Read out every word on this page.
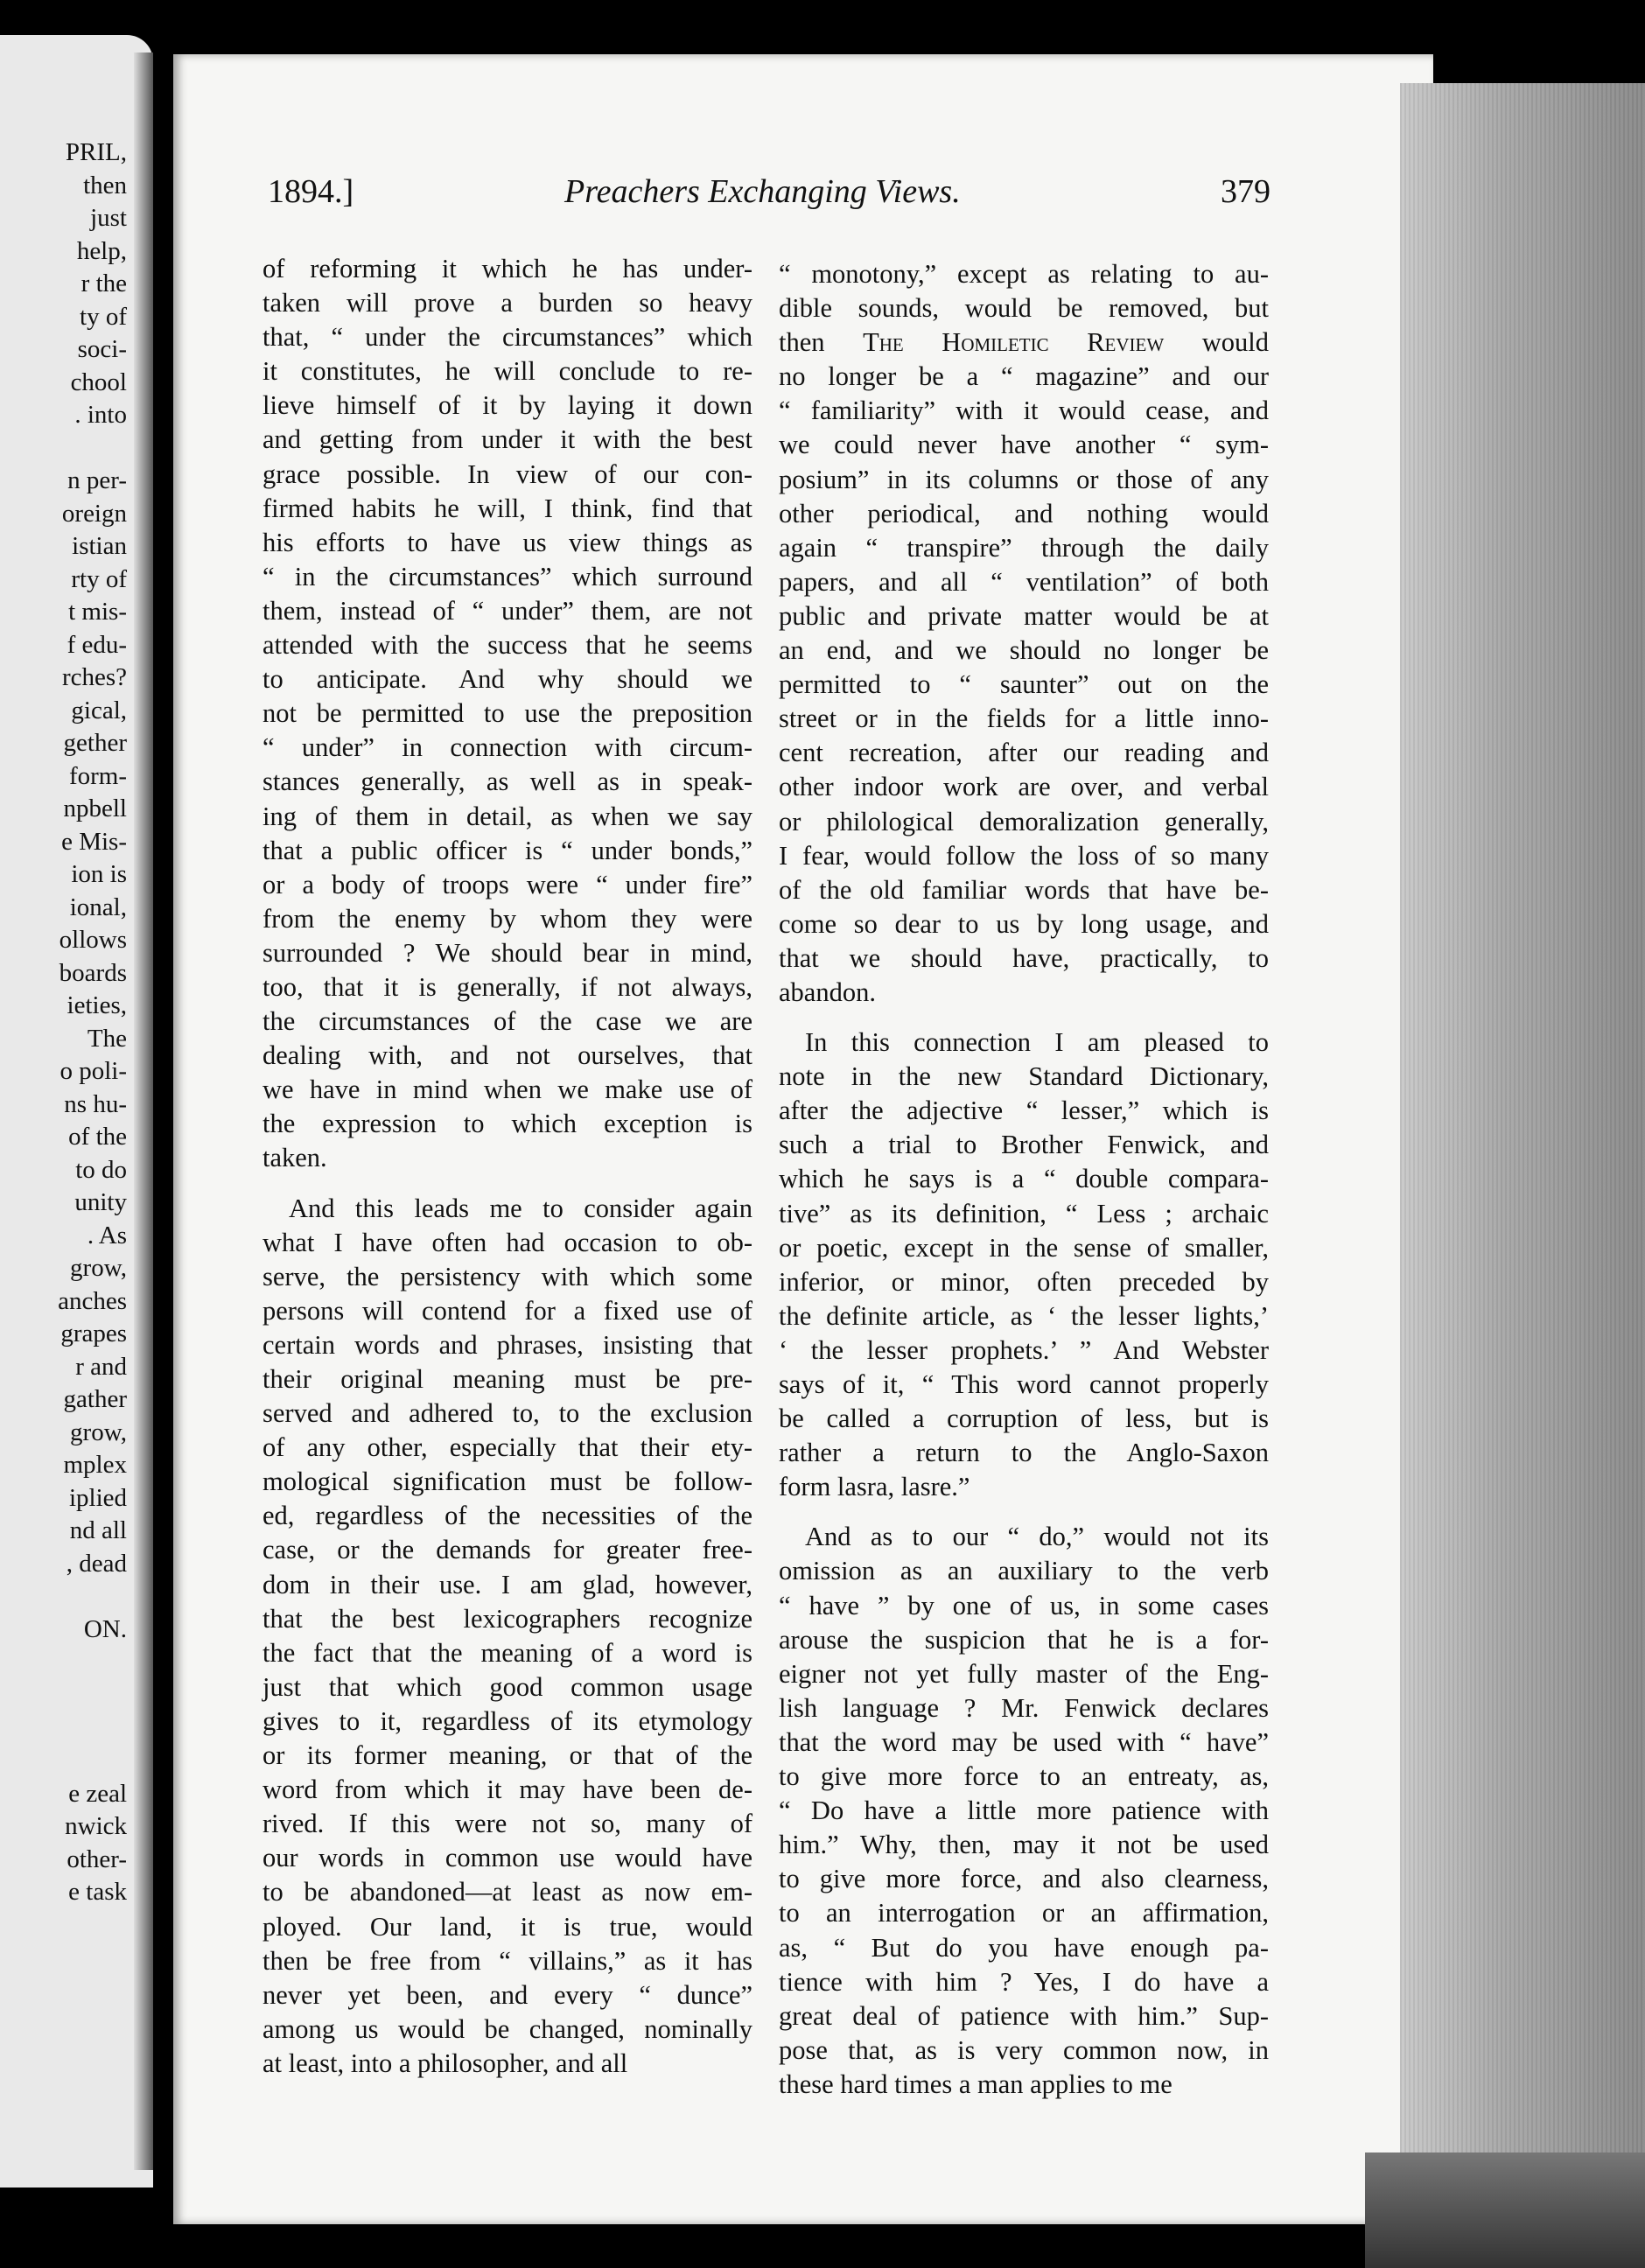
PRIL,
then
just
help,
r the
ty of
soci-
chool
. into
n per-
oreign
istian
rty of
t mis-
f edu-
rches?
gical,
gether
form-
npbell
e Mis-
ion is
ional,
ollows
boards
ieties,
The
o poli-
ns hu-
of the
to do
unity
. As
grow,
anches
grapes
r and
gather
grow,
mplex
iplied
nd all
, dead
ON.
e zeal
nwick
other-
e task
1894.]	Preachers Exchanging Views.	379
of reforming it which he has under-
taken will prove a burden so heavy
that, “ under the circumstances” which
it constitutes, he will conclude to re-
lieve himself of it by laying it down
and getting from under it with the best
grace possible. In view of our con-
firmed habits he will, I think, find that
his efforts to have us view things as
“ in the circumstances” which surround
them, instead of “ under” them, are not
attended with the success that he seems
to anticipate. And why should we
not be permitted to use the preposition
“ under” in connection with circum-
stances generally, as well as in speak-
ing of them in detail, as when we say
that a public officer is “ under bonds,”
or a body of troops were “ under fire”
from the enemy by whom they were
surrounded ? We should bear in mind,
too, that it is generally, if not always,
the circumstances of the case we are
dealing with, and not ourselves, that
we have in mind when we make use of
the expression to which exception is
taken.
And this leads me to consider again
what I have often had occasion to ob-
serve, the persistency with which some
persons will contend for a fixed use of
certain words and phrases, insisting that
their original meaning must be pre-
served and adhered to, to the exclusion
of any other, especially that their ety-
mological signification must be follow-
ed, regardless of the necessities of the
case, or the demands for greater free-
dom in their use. I am glad, however,
that the best lexicographers recognize
the fact that the meaning of a word is
just that which good common usage
gives to it, regardless of its etymology
or its former meaning, or that of the
word from which it may have been de-
rived. If this were not so, many of
our words in common use would have
to be abandoned—at least as now em-
ployed. Our land, it is true, would
then be free from “ villains,” as it has
never yet been, and every “ dunce”
among us would be changed, nominally
at least, into a philosopher, and all
“ monotony,” except as relating to au-
dible sounds, would be removed, but
then The Homiletic Review would
no longer be a “ magazine” and our
“ familiarity” with it would cease, and
we could never have another “ sym-
posium” in its columns or those of any
other periodical, and nothing would
again “ transpire” through the daily
papers, and all “ ventilation” of both
public and private matter would be at
an end, and we should no longer be
permitted to “ saunter” out on the
street or in the fields for a little inno-
cent recreation, after our reading and
other indoor work are over, and verbal
or philological demoralization generally,
I fear, would follow the loss of so many
of the old familiar words that have be-
come so dear to us by long usage, and
that we should have, practically, to
abandon.
In this connection I am pleased to
note in the new Standard Dictionary,
after the adjective “ lesser,” which is
such a trial to Brother Fenwick, and
which he says is a “ double compara-
tive” as its definition, “ Less ; archaic
or poetic, except in the sense of smaller,
inferior, or minor, often preceded by
the definite article, as ‘ the lesser lights,’
‘ the lesser prophets.’ ” And Webster
says of it, “ This word cannot properly
be called a corruption of less, but is
rather a return to the Anglo-Saxon
form lasra, lasre.”
And as to our “ do,” would not its
omission as an auxiliary to the verb
“ have ” by one of us, in some cases
arouse the suspicion that he is a for-
eigner not yet fully master of the Eng-
lish language ? Mr. Fenwick declares
that the word may be used with “ have”
to give more force to an entreaty, as,
“ Do have a little more patience with
him.” Why, then, may it not be used
to give more force, and also clearness,
to an interrogation or an affirmation,
as, “ But do you have enough pa-
tience with him ? Yes, I do have a
great deal of patience with him.” Sup-
pose that, as is very common now, in
these hard times a man applies to me
